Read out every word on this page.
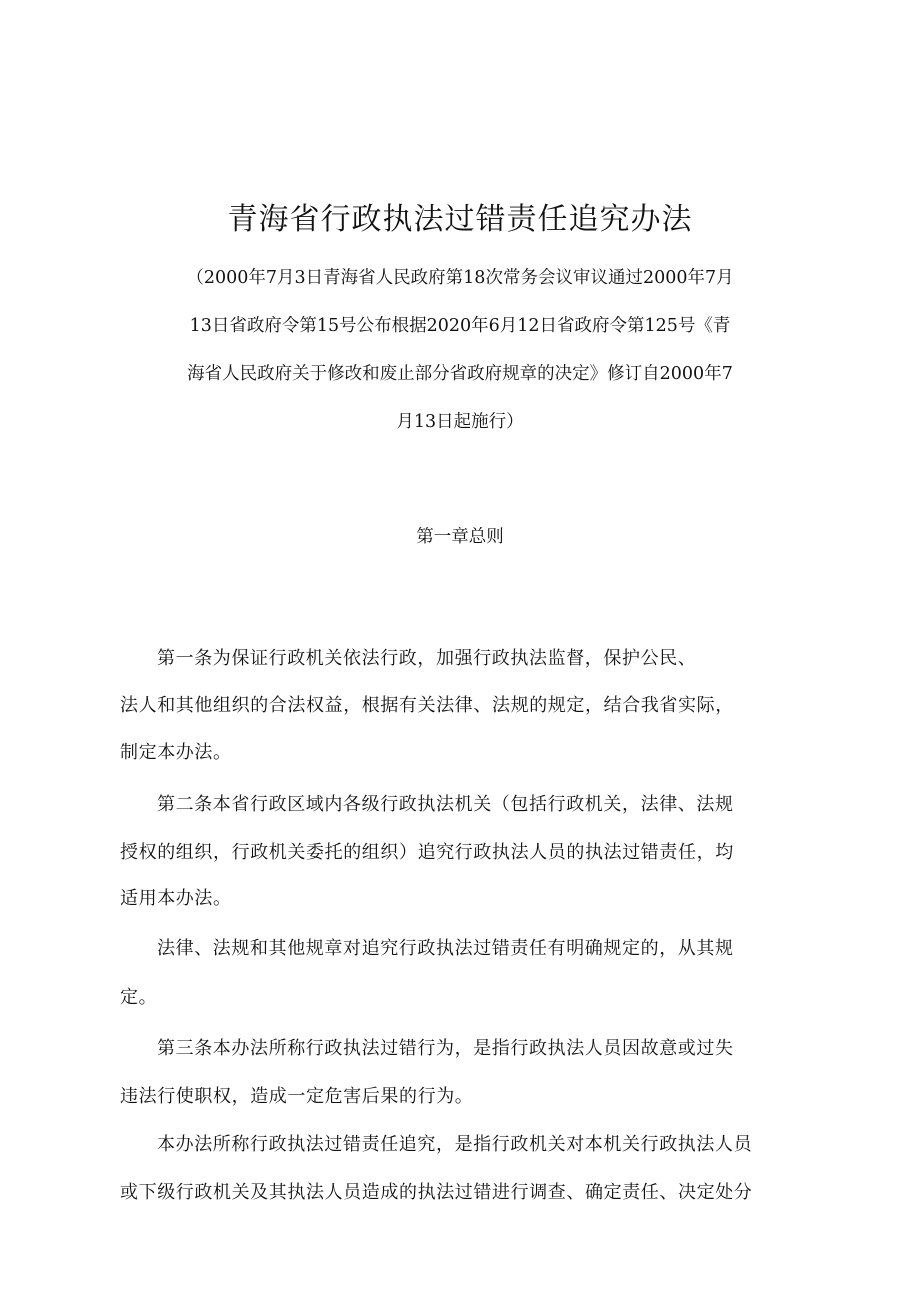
青海省行政执法过错责任追究办法
（2000年7月3日青海省人民政府第18次常务会议审议通过2000年7月
13日省政府令第15号公布根据2020年6月12日省政府令第125号《青
海省人民政府关于修改和废止部分省政府规章的决定》修订自2000年7
月13日起施行）
第一章总则
第一条为保证行政机关依法行政，加强行政执法监督，保护公民、
法人和其他组织的合法权益，根据有关法律、法规的规定，结合我省实际，
制定本办法。
第二条本省行政区域内各级行政执法机关（包括行政机关，法律、法规
授权的组织，行政机关委托的组织）追究行政执法人员的执法过错责任，均
适用本办法。
法律、法规和其他规章对追究行政执法过错责任有明确规定的，从其规
定。
第三条本办法所称行政执法过错行为，是指行政执法人员因故意或过失
违法行使职权，造成一定危害后果的行为。
本办法所称行政执法过错责任追究，是指行政机关对本机关行政执法人员
或下级行政机关及其执法人员造成的执法过错进行调查、确定责任、决定处分
